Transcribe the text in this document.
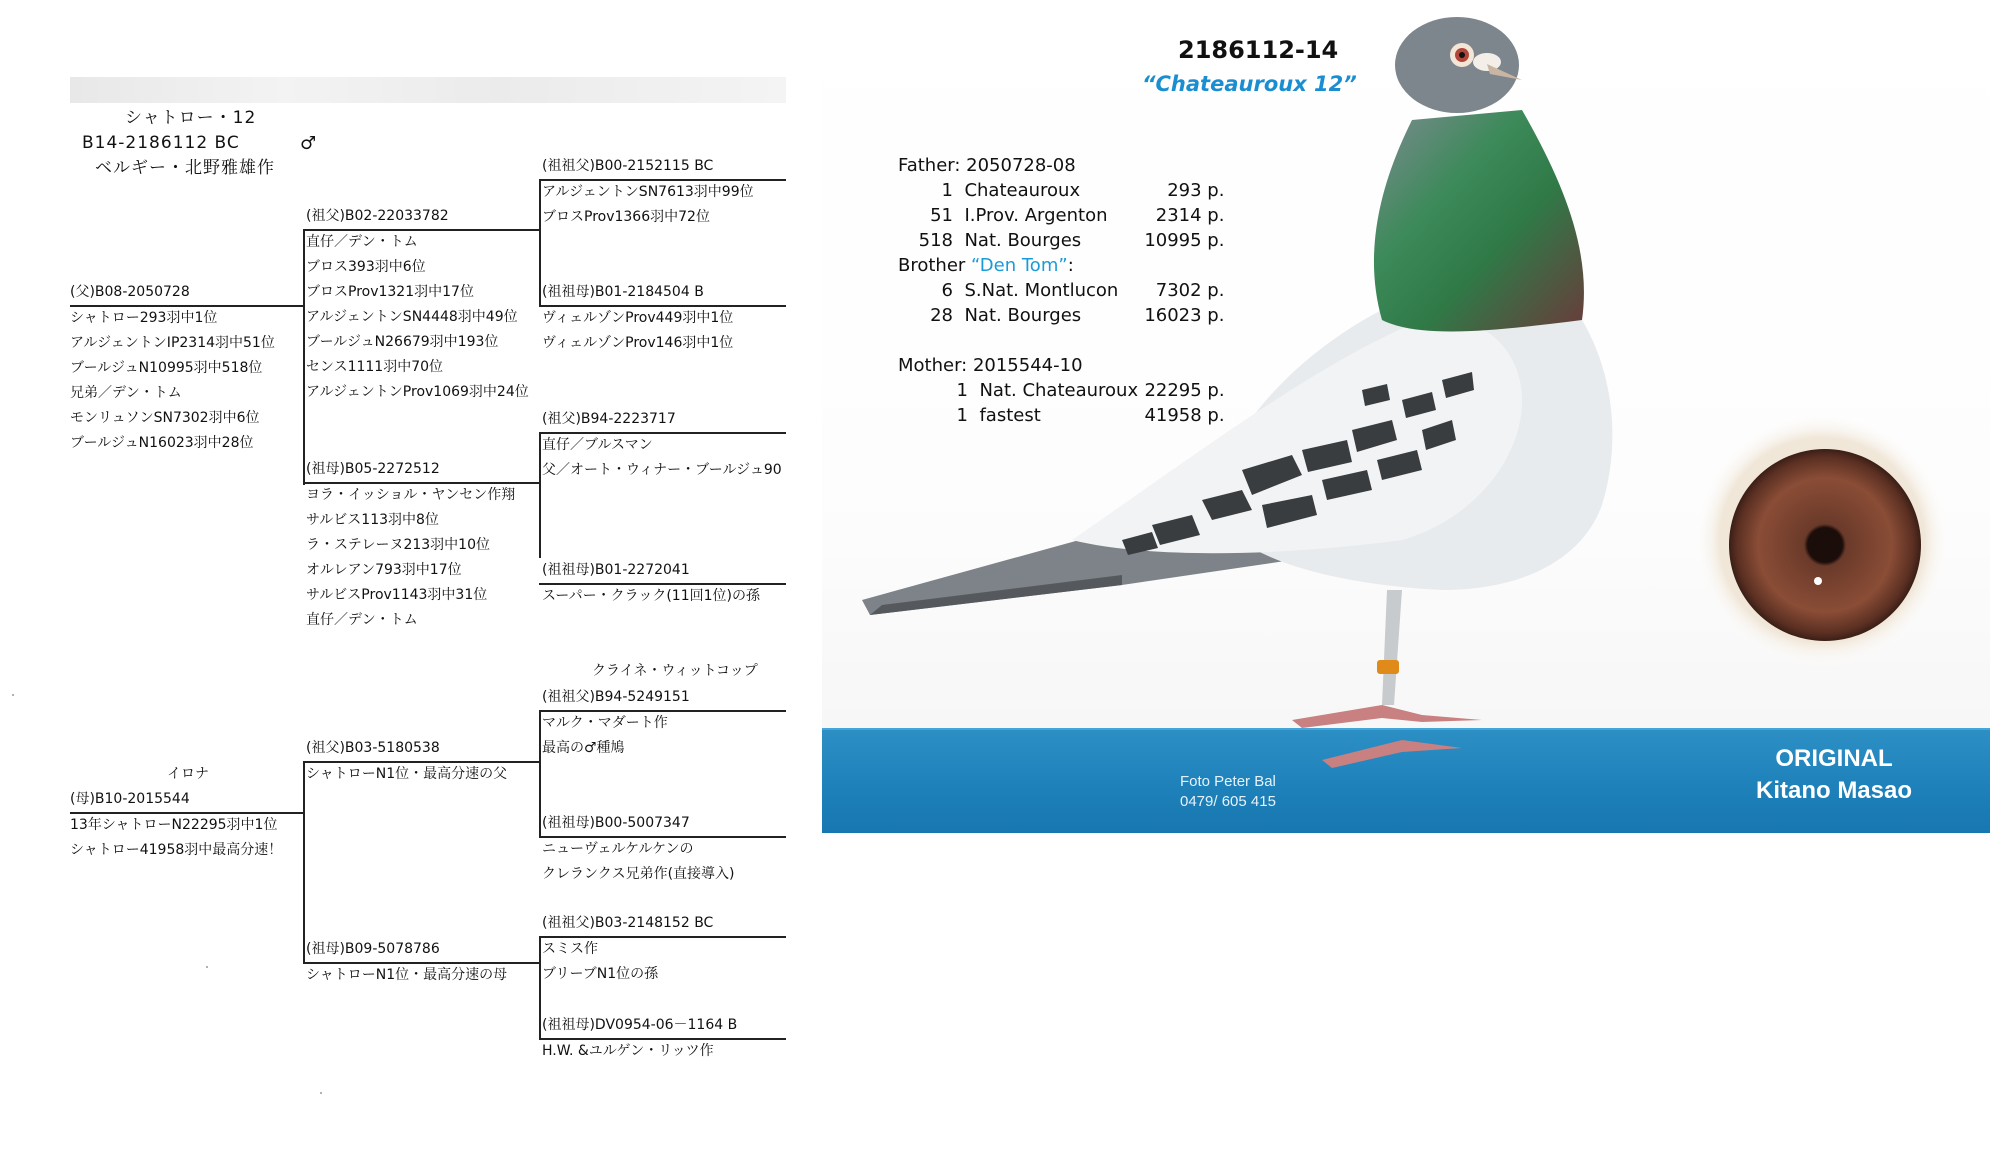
シャトロー・12
B14-2186112 BC	♂
ベルギー・北野雅雄作
(父)B08-2050728
シャトロー293羽中1位
アルジェントンIP2314羽中51位
ブールジュN10995羽中518位
兄弟／デン・トム
モンリュソンSN7302羽中6位
ブールジュN16023羽中28位
(祖父)B02-22033782
直仔／デン・トム
ブロス393羽中6位
ブロスProv1321羽中17位
アルジェントンSN4448羽中49位
ブールジュN26679羽中193位
センス1111羽中70位
アルジェントンProv1069羽中24位
(祖母)B05-2272512
ヨラ・イッショル・ヤンセン作翔
サルビス113羽中8位
ラ・ステレーヌ213羽中10位
オルレアン793羽中17位
サルビスProv1143羽中31位
直仔／デン・トム
(祖祖父)B00-2152115 BC
アルジェントンSN7613羽中99位
ブロスProv1366羽中72位
(祖祖母)B01-2184504 B
ヴィェルゾンProv449羽中1位
ヴィェルゾンProv146羽中1位
(祖父)B94-2223717
直仔／ブルスマン
父／オート・ウィナー・ブールジュ90
(祖祖母)B01-2272041
スーパー・クラック(11回1位)の孫
イロナ
(母)B10-2015544
13年シャトローN22295羽中1位
シャトロー41958羽中最高分速！
(祖父)B03-5180538
シャトローN1位・最高分速の父
(祖母)B09-5078786
シャトローN1位・最高分速の母
クライネ・ウィットコップ
(祖祖父)B94-5249151
マルク・マダート作
最高の♂種鳩
(祖祖母)B00-5007347
ニューヴェルケルケンの
クレランクス兄弟作(直接導入)
(祖祖父)B03-2148152 BC
スミス作
ブリーブN1位の孫
(祖祖母)DV0954-06－1164 B
H.W. &ユルゲン・リッツ作
2186112-14
“Chateauroux 12”
Father: 2050728-08
1 Chateauroux	293 p.
51 I.Prov. Argenton	2314 p.
518 Nat. Bourges	10995 p.
Brother “Den Tom”:
6 S.Nat. Montlucon 7302 p.
28 Nat. Bourges	16023 p.
Mother: 2015544-10
1 Nat. Chateauroux 22295 p.
1 fastest	41958 p.
Foto Peter Bal
0479/ 605 415
ORIGINAL
Kitano Masao
